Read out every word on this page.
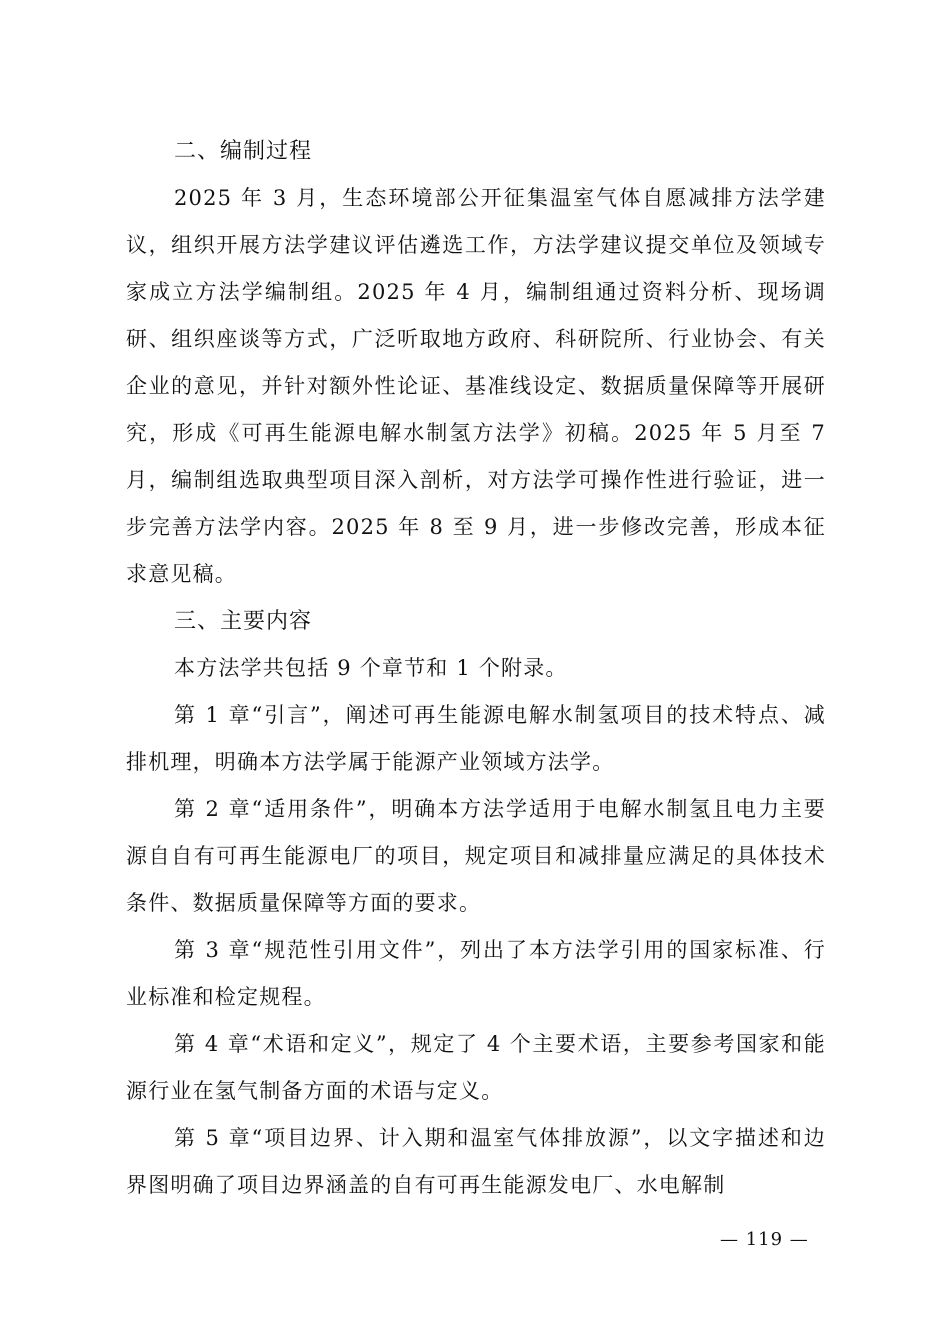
二、编制过程

2025 年 3 月，生态环境部公开征集温室气体自愿减排方法学建议，组织开展方法学建议评估遴选工作，方法学建议提交单位及领域专家成立方法学编制组。2025 年 4 月，编制组通过资料分析、现场调研、组织座谈等方式，广泛听取地方政府、科研院所、行业协会、有关企业的意见，并针对额外性论证、基准线设定、数据质量保障等开展研究，形成《可再生能源电解水制氢方法学》初稿。2025 年 5 月至 7 月，编制组选取典型项目深入剖析，对方法学可操作性进行验证，进一步完善方法学内容。2025 年 8 至 9 月，进一步修改完善，形成本征求意见稿。

三、主要内容

本方法学共包括 9 个章节和 1 个附录。

第 1 章“引言”，阐述可再生能源电解水制氢项目的技术特点、减排机理，明确本方法学属于能源产业领域方法学。

第 2 章“适用条件”，明确本方法学适用于电解水制氢且电力主要源自自有可再生能源电厂的项目，规定项目和减排量应满足的具体技术条件、数据质量保障等方面的要求。

第 3 章“规范性引用文件”，列出了本方法学引用的国家标准、行业标准和检定规程。

第 4 章“术语和定义”，规定了 4 个主要术语，主要参考国家和能源行业在氢气制备方面的术语与定义。

第 5 章“项目边界、计入期和温室气体排放源”，以文字描述和边界图明确了项目边界涵盖的自有可再生能源发电厂、水电解制

— 119 —
